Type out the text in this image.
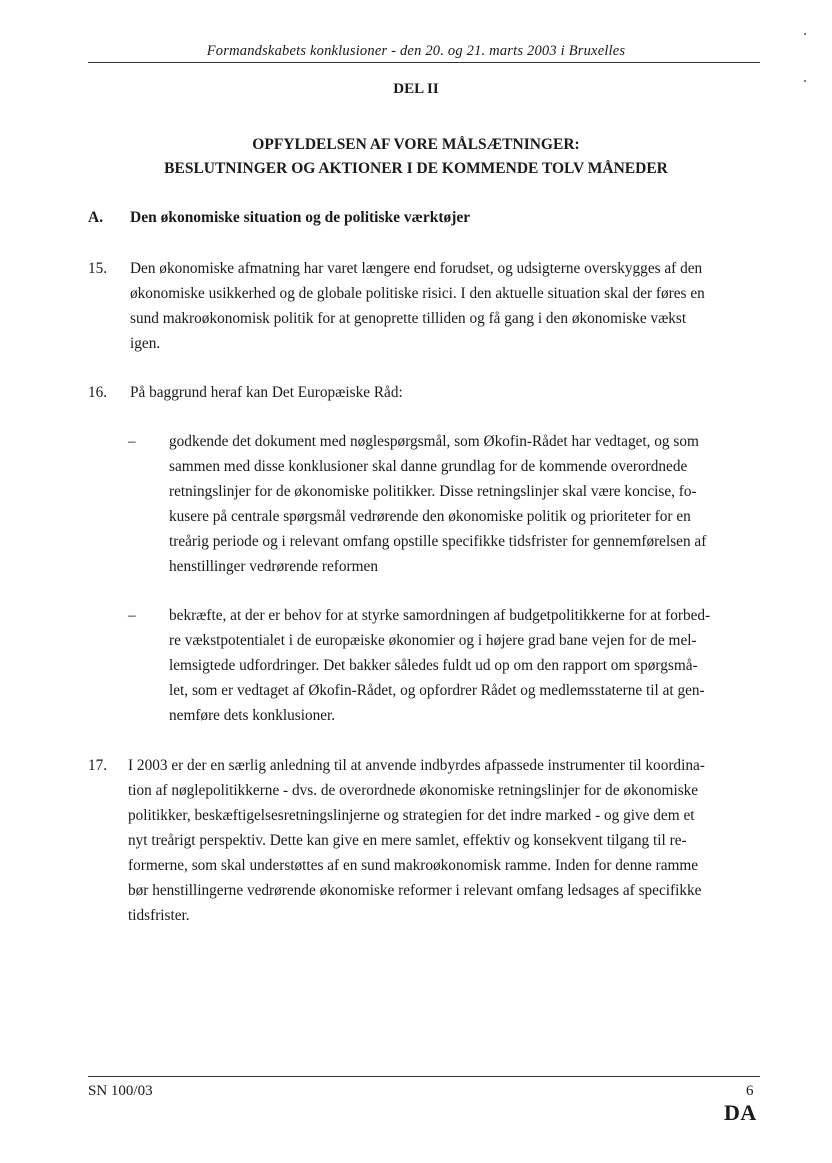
Formandskabets konklusioner - den 20. og 21. marts 2003 i Bruxelles
DEL II
OPFYLDELSEN AF VORE MÅLSÆTNINGER:
BESLUTNINGER OG AKTIONER I DE KOMMENDE TOLV MÅNEDER
A. Den økonomiske situation og de politiske værktøjer
15. Den økonomiske afmatning har varet længere end forudset, og udsigterne overskygges af den
økonomiske usikkerhed og de globale politiske risici. I den aktuelle situation skal der føres en
sund makroøkonomisk politik for at genoprette tilliden og få gang i den økonomiske vækst
igen.
16. På baggrund heraf kan Det Europæiske Råd:
– godkende det dokument med nøglespørgsmål, som Økofin-Rådet har vedtaget, og som
sammen med disse konklusioner skal danne grundlag for de kommende overordnede
retningslinjer for de økonomiske politikker. Disse retningslinjer skal være koncise, fo-
kusere på centrale spørgsmål vedrørende den økonomiske politik og prioriteter for en
treårig periode og i relevant omfang opstille specifikke tidsfrister for gennemførelsen af
henstillinger vedrørende reformen
– bekræfte, at der er behov for at styrke samordningen af budgetpolitikkerne for at forbed-
re vækstpotentialet i de europæiske økonomier og i højere grad bane vejen for de mel-
lemsigtede udfordringer. Det bakker således fuldt ud op om den rapport om spørgsmå-
let, som er vedtaget af Økofin-Rådet, og opfordrer Rådet og medlemsstaterne til at gen-
nemføre dets konklusioner.
17. I 2003 er der en særlig anledning til at anvende indbyrdes afpassede instrumenter til koordina-
tion af nøglepolitikkerne - dvs. de overordnede økonomiske retningslinjer for de økonomiske
politikker, beskæftigelsesretningslinjerne og strategien for det indre marked - og give dem et
nyt treårigt perspektiv. Dette kan give en mere samlet, effektiv og konsekvent tilgang til re-
formerne, som skal understøttes af en sund makroøkonomisk ramme. Inden for denne ramme
bør henstillingerne vedrørende økonomiske reformer i relevant omfang ledsages af specifikke
tidsfrister.
SN 100/03	6
DA
